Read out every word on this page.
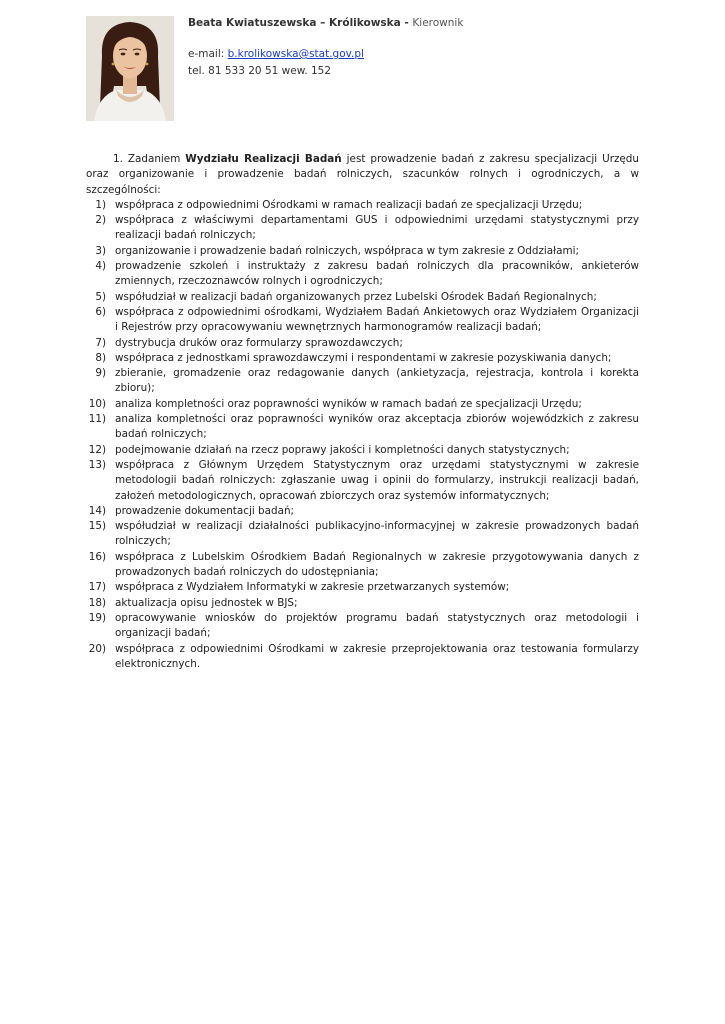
Beata Kwiatuszewska – Królikowska - Kierownik
e-mail: b.krolikowska@stat.gov.pl
tel. 81 533 20 51 wew. 152

1. Zadaniem Wydziału Realizacji Badań jest prowadzenie badań z zakresu specjalizacji Urzędu oraz organizowanie i prowadzenie badań rolniczych, szacunków rolnych i ogrodniczych, a w szczególności:

1) współpraca z odpowiednimi Ośrodkami w ramach realizacji badań ze specjalizacji Urzędu;
2) współpraca z właściwymi departamentami GUS i odpowiednimi urzędami statystycznymi przy realizacji badań rolniczych;
3) organizowanie i prowadzenie badań rolniczych, współpraca w tym zakresie z Oddziałami;
4) prowadzenie szkoleń i instruktaży z zakresu badań rolniczych dla pracowników, ankieterów zmiennych, rzeczoznawców rolnych i ogrodniczych;
5) współudział w realizacji badań organizowanych przez Lubelski Ośrodek Badań Regionalnych;
6) współpraca z odpowiednimi ośrodkami, Wydziałem Badań Ankietowych oraz Wydziałem Organizacji i Rejestrów przy opracowywaniu wewnętrznych harmonogramów realizacji badań;
7) dystrybucja druków oraz formularzy sprawozdawczych;
8) współpraca z jednostkami sprawozdawczymi i respondentami w zakresie pozyskiwania danych;
9) zbieranie, gromadzenie oraz redagowanie danych (ankietyzacja, rejestracja, kontrola i korekta zbioru);
10) analiza kompletności oraz poprawności wyników w ramach badań ze specjalizacji Urzędu;
11) analiza kompletności oraz poprawności wyników oraz akceptacja zbiorów wojewódzkich z zakresu badań rolniczych;
12) podejmowanie działań na rzecz poprawy jakości i kompletności danych statystycznych;
13) współpraca z Głównym Urzędem Statystycznym oraz urzędami statystycznymi w zakresie metodologii badań rolniczych: zgłaszanie uwag i opinii do formularzy, instrukcji realizacji badań, założeń metodologicznych, opracowań zbiorczych oraz systemów informatycznych;
14) prowadzenie dokumentacji badań;
15) współudział w realizacji działalności publikacyjno-informacyjnej w zakresie prowadzonych badań rolniczych;
16) współpraca z Lubelskim Ośrodkiem Badań Regionalnych w zakresie przygotowywania danych z prowadzonych badań rolniczych do udostępniania;
17) współpraca z Wydziałem Informatyki w zakresie przetwarzanych systemów;
18) aktualizacja opisu jednostek w BJS;
19) opracowywanie wniosków do projektów programu badań statystycznych oraz metodologii i organizacji badań;
20) współpraca z odpowiednimi Ośrodkami w zakresie przeprojektowania oraz testowania formularzy elektronicznych.
